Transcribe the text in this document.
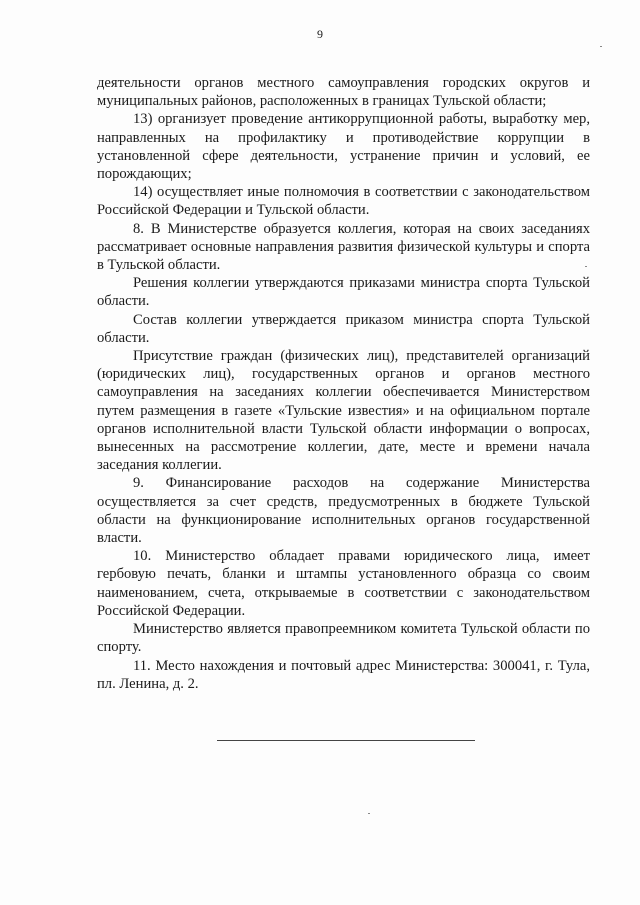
9

деятельности органов местного самоуправления городских округов и муниципальных районов, расположенных в границах Тульской области;

13) организует проведение антикоррупционной работы, выработку мер, направленных на профилактику и противодействие коррупции в установленной сфере деятельности, устранение причин и условий, ее порождающих;

14) осуществляет иные полномочия в соответствии с законодательством Российской Федерации и Тульской области.

8. В Министерстве образуется коллегия, которая на своих заседаниях рассматривает основные направления развития физической культуры и спорта в Тульской области.

Решения коллегии утверждаются приказами министра спорта Тульской области.

Состав коллегии утверждается приказом министра спорта Тульской области.

Присутствие граждан (физических лиц), представителей организаций (юридических лиц), государственных органов и органов местного самоуправления на заседаниях коллегии обеспечивается Министерством путем размещения в газете «Тульские известия» и на официальном портале органов исполнительной власти Тульской области информации о вопросах, вынесенных на рассмотрение коллегии, дате, месте и времени начала заседания коллегии.

9. Финансирование расходов на содержание Министерства осуществляется за счет средств, предусмотренных в бюджете Тульской области на функционирование исполнительных органов государственной власти.

10. Министерство обладает правами юридического лица, имеет гербовую печать, бланки и штампы установленного образца со своим наименованием, счета, открываемые в соответствии с законодательством Российской Федерации.

Министерство является правопреемником комитета Тульской области по спорту.

11. Место нахождения и почтовый адрес Министерства: 300041, г. Тула, пл. Ленина, д. 2.
